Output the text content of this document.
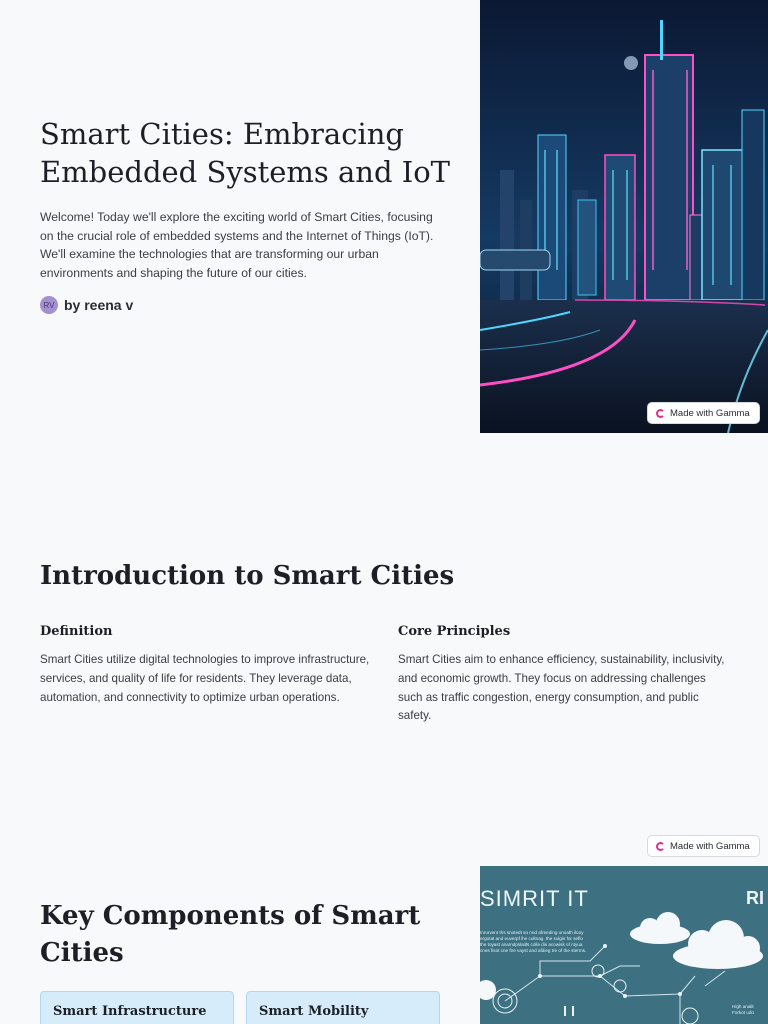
Smart Cities: Embracing Embedded Systems and IoT

Welcome! Today we'll explore the exciting world of Smart Cities, focusing on the crucial role of embedded systems and the Internet of Things (IoT). We'll examine the technologies that are transforming our urban environments and shaping the future of our cities.

RV by reena v
Made with Gamma
Introduction to Smart Cities
Definition

Smart Cities utilize digital technologies to improve infrastructure, services, and quality of life for residents. They leverage data, automation, and connectivity to optimize urban operations.

Core Principles

Smart Cities aim to enhance efficiency, sustainability, inclusivity, and economic growth. They focus on addressing challenges such as traffic congestion, energy consumption, and public safety.

Made with Gamma
Key Components of Smart Cities
Smart Infrastructure	Smart Mobility
SIMRIT IT	RI
Inrurvent ths snotedt so nnd afreeding unoath ilooy ergotat and euverpf ihe cultnag. the sulgis for seflo the toyast anamdpslaitls colle dis acowisk of ntyua cnes fisot cne fire vayst and afdieg tre of the sterms.
High analit Forkot udo
